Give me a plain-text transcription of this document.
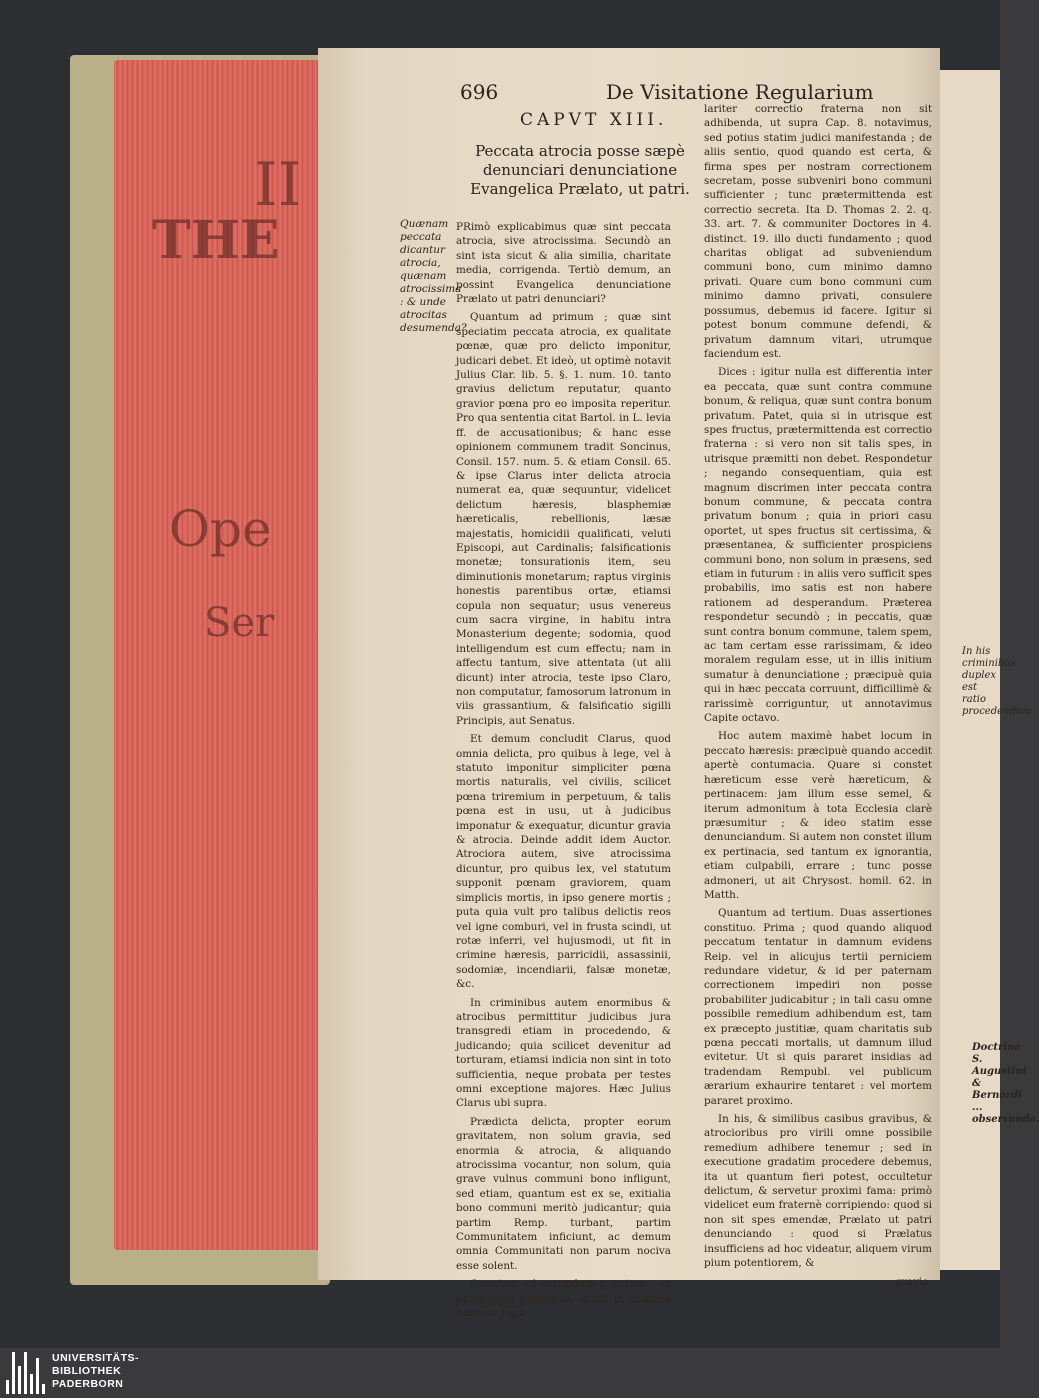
II
THE
Ope
Ser
In his criminibus duplex est ratio procedendum
Doctrina S. Augustini & Bernardi ... observanda.
696	De Visitatione Regularium
CAPVT XIII.
Peccata atrocia posse sæpè denunciari denunciatione Evangelica Prælato, ut patri.
Quænam peccata dicantur atrocia, quænam atrocissima : & unde atrocitas desumenda?

PRimò explicabimus quæ sint peccata atrocia, sive atrocissima. Secundò an sint ista sicut & alia similia, charitate media, corrigenda. Tertiò demum, an possint Evangelica denunciatione Prælato ut patri denunciari?

Quantum ad primum ; quæ sint speciatim peccata atrocia, ex qualitate pœnæ, quæ pro delicto imponitur, judicari debet. Et ideò, ut optimè notavit Julius Clar. lib. 5. §. 1. num. 10. tanto gravius delictum reputatur, quanto gravior pœna pro eo imposita reperitur. Pro qua sententia citat Bartol. in L. levia ff. de accusationibus; & hanc esse opinionem communem tradit Soncinus, Consil. 157. num. 5. & etiam Consil. 65. & ipse Clarus inter delicta atrocia numerat ea, quæ sequuntur, videlicet delictum hæresis, blasphemiæ hæreticalis, rebellionis, læsæ majestatis, homicidii qualificati, veluti Episcopi, aut Cardinalis; falsificationis monetæ; tonsurationis item, seu diminutionis monetarum; raptus virginis honestis parentibus ortæ, etiamsi copula non sequatur; usus venereus cum sacra virgine, in habitu intra Monasterium degente; sodomia, quod intelligendum est cum effectu; nam in affectu tantum, sive attentata (ut alii dicunt) inter atrocia, teste ipso Claro, non computatur, famosorum latronum in viis grassantium, & falsificatio sigilli Principis, aut Senatus.

Et demum concludit Clarus, quod omnia delicta, pro quibus à lege, vel à statuto imponitur simpliciter pœna mortis naturalis, vel civilis, scilicet pœna triremium in perpetuum, & talis pœna est in usu, ut à judicibus imponatur & exequatur, dicuntur gravia & atrocia. Deinde addit idem Auctor. Atrociora autem, sive atrocissima dicuntur, pro quibus lex, vel statutum supponit pœnam graviorem, quam simplicis mortis, in ipso genere mortis ; puta quia vult pro talibus delictis reos vel igne comburi, vel in frusta scindi, ut rotæ inferri, vel hujusmodi, ut fit in crimine hæresis, parricidii, assassinii, sodomiæ, incendiarii, falsæ monetæ, &c.

In criminibus autem enormibus & atrocibus permittitur judicibus jura transgredi etiam in procedendo, & judicando; quia scilicet devenitur ad torturam, etiamsi indicia non sint in toto sufficientia, neque probata per testes omni exceptione majores. Hæc Julius Clarus ubi supra.

Prædicta delicta, propter eorum gravitatem, non solum gravia, sed enormia & atrocia, & aliquando atrocissima vocantur, non solum, quia grave vulnus communi bono infligunt, sed etiam, quantum est ex se, exitialia bono communi meritò judicantur; quia partim Remp. turbant, partim Communitatem inficiunt, ac demum omnia Communitati non parum nociva esse solent.

Quantum ad secundum punctum ; ea exceptione præmissa, quod in crimine hæresis regu-

lariter correctio fraterna non sit adhibenda, ut supra Cap. 8. notavimus, sed potius statim judici manifestanda ; de aliis sentio, quod quando est certa, & firma spes per nostram correctionem secretam, posse subveniri bono communi sufficienter ; tunc prætermittenda est correctio secreta. Ita D. Thomas 2. 2. q. 33. art. 7. & communiter Doctores in 4. distinct. 19. illo ducti fundamento ; quod charitas obligat ad subveniendum communi bono, cum minimo damno privati. Quare cum bono communi cum minimo damno privati, consulere possumus, debemus id facere. Igitur si potest bonum commune defendi, & privatum damnum vitari, utrumque faciendum est.

Dices : igitur nulla est differentia inter ea peccata, quæ sunt contra commune bonum, & reliqua, quæ sunt contra bonum privatum. Patet, quia si in utrisque est spes fructus, prætermittenda est correctio fraterna : si vero non sit talis spes, in utrisque præmitti non debet. Respondetur ; negando consequentiam, quia est magnum discrimen inter peccata contra bonum commune, & peccata contra privatum bonum ; quia in priori casu oportet, ut spes fructus sit certissima, & præsentanea, & sufficienter prospiciens communi bono, non solum in præsens, sed etiam in futurum : in aliis vero sufficit spes probabilis, imo satis est non habere rationem ad desperandum. Præterea respondetur secundò ; in peccatis, quæ sunt contra bonum commune, talem spem, ac tam certam esse rarissimam, & ideo moralem regulam esse, ut in illis initium sumatur à denunciatione ; præcipuè quia qui in hæc peccata corruunt, difficillimè & rarissimè corriguntur, ut annotavimus Capite octavo.

Hoc autem maximè habet locum in peccato hæresis: præcipuè quando accedit apertè contumacia. Quare si constet hæreticum esse verè hæreticum, & pertinacem: jam illum esse semel, & iterum admonitum à tota Ecclesia clarè præsumitur ; & ideo statim esse denunciandum. Si autem non constet illum ex pertinacia, sed tantum ex ignorantia, etiam culpabili, errare ; tunc posse admoneri, ut ait Chrysost. homil. 62. in Matth.

Quantum ad tertium. Duas assertiones constituo. Prima ; quod quando aliquod peccatum tentatur in damnum evidens Reip. vel in alicujus tertii perniciem redundare videtur, & id per paternam correctionem impediri non posse probabiliter judicabitur ; in tali casu omne possibile remedium adhibendum est, tam ex præcepto justitiæ, quam charitatis sub pœna peccati mortalis, ut damnum illud evitetur. Ut si quis pararet insidias ad tradendam Rempubl. vel publicum ærarium exhaurire tentaret : vel mortem pararet proximo.

In his, & similibus casibus gravibus, & atrocioribus pro virili omne possibile remedium adhibere tenemur ; sed in executione gradatim procedere debemus, ita ut quantum fieri potest, occultetur delictum, & servetur proximi fama: primò videlicet eum fraternè corripiendo: quod si non sit spes emendæ, Prælato ut patri denunciando : quod si Prælatus insufficiens ad hoc videatur, aliquem virum pium potentiorem, &

gravio-

UNIVERSITÄTS-
BIBLIOTHEK
PADERBORN
